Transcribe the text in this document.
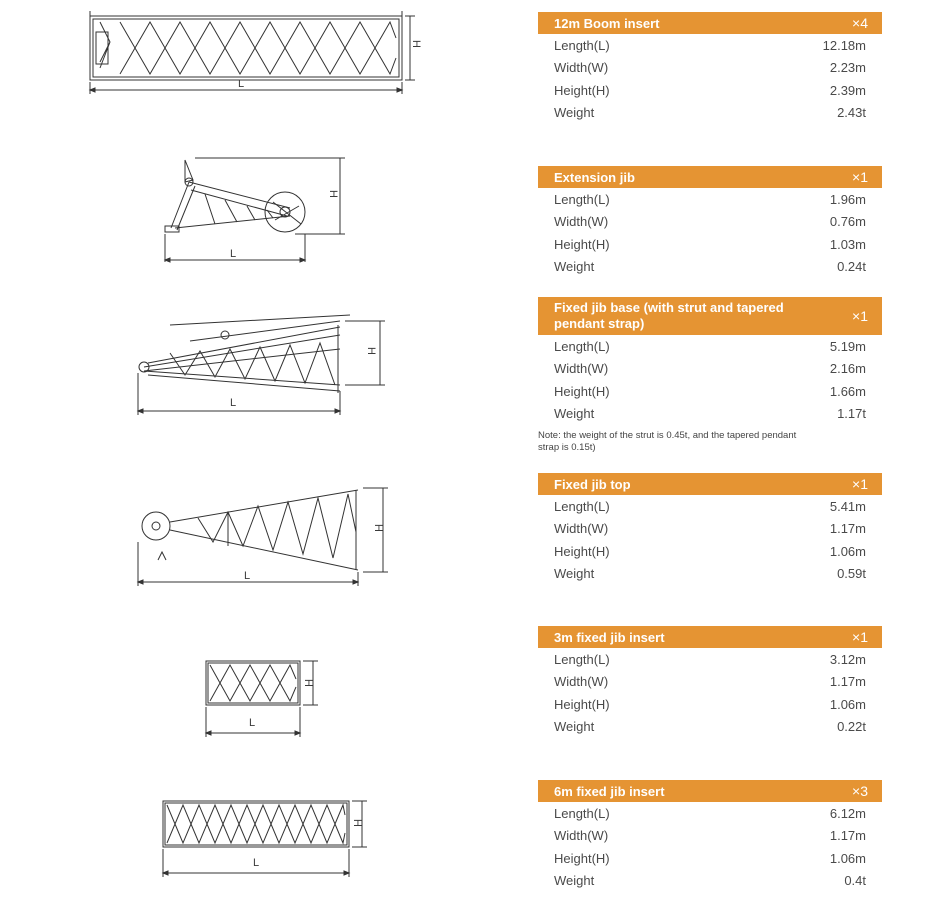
L
H
L
H
L
H
L
H
L
H
L
H
12m Boom insert	×4
Length(L)	12.18m
Width(W)	2.23m
Height(H)	2.39m
Weight	2.43t
Extension jib	×1
Length(L)	1.96m
Width(W)	0.76m
Height(H)	1.03m
Weight	0.24t
Fixed jib base (with strut and tapered pendant strap)	×1
Length(L)	5.19m
Width(W)	2.16m
Height(H)	1.66m
Weight	1.17t
Note: the weight of the strut is 0.45t, and the tapered pendant strap is 0.15t)
Fixed jib top	×1
Length(L)	5.41m
Width(W)	1.17m
Height(H)	1.06m
Weight	0.59t
3m fixed jib insert	×1
Length(L)	3.12m
Width(W)	1.17m
Height(H)	1.06m
Weight	0.22t
6m fixed jib insert	×3
Length(L)	6.12m
Width(W)	1.17m
Height(H)	1.06m
Weight	0.4t
